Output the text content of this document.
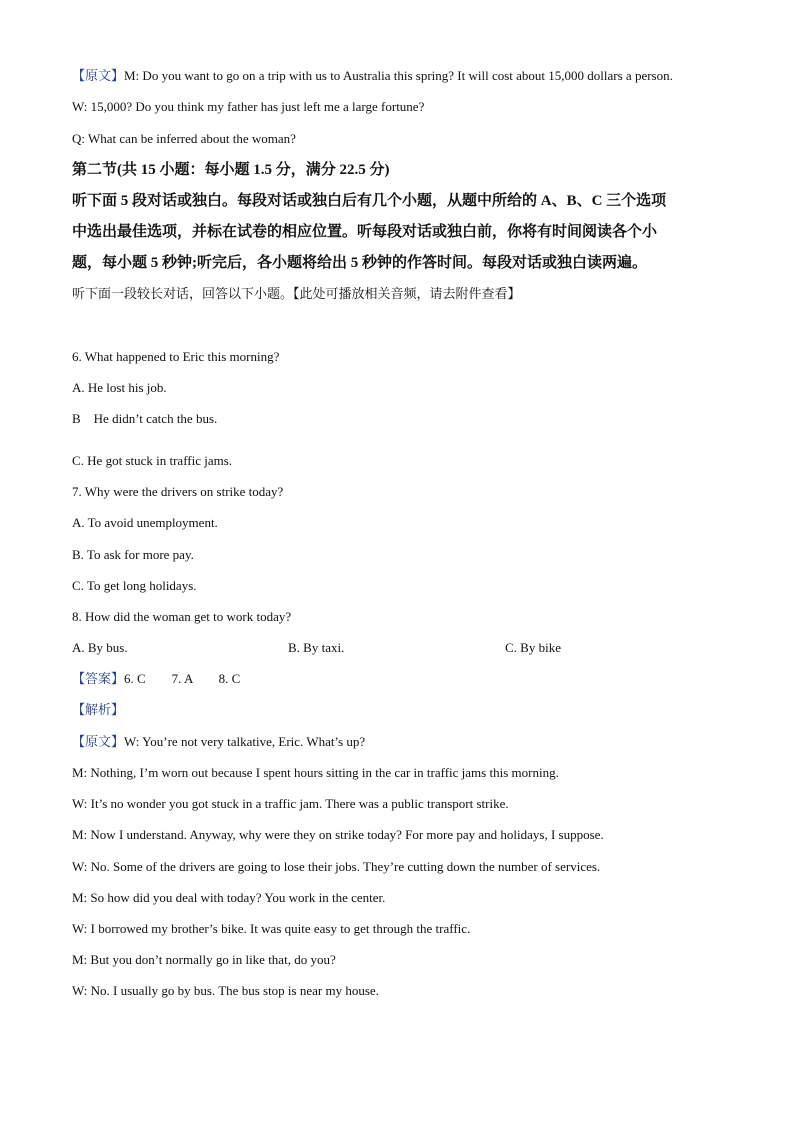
【原文】M: Do you want to go on a trip with us to Australia this spring? It will cost about 15,000 dollars a person.
W: 15,000? Do you think my father has just left me a large fortune?
Q: What can be inferred about the woman?
第二节(共 15 小题：每小题 1.5 分，满分 22.5 分)
听下面 5 段对话或独白。每段对话或独白后有几个小题，从题中所给的 A、B、C 三个选项
中选出最佳选项，并标在试卷的相应位置。听每段对话或独白前，你将有时间阅读各个小
题，每小题 5 秒钟;听完后，各小题将给出 5 秒钟的作答时间。每段对话或独白读两遍。
听下面一段较长对话，回答以下小题。【此处可播放相关音频，请去附件查看】
6. What happened to Eric this morning?
A. He lost his job.
B　He didn’t catch the bus.
C. He got stuck in traffic jams.
7. Why were the drivers on strike today?
A. To avoid unemployment.
B. To ask for more pay.
C. To get long holidays.
8. How did the woman get to work today?
A. By bus.	B. By taxi.	C. By bike
【答案】6. C　　7. A　　8. C
【解析】
【原文】W: You’re not very talkative, Eric. What’s up?
M: Nothing, I’m worn out because I spent hours sitting in the car in traffic jams this morning.
W: It’s no wonder you got stuck in a traffic jam. There was a public transport strike.
M: Now I understand. Anyway, why were they on strike today? For more pay and holidays, I suppose.
W: No. Some of the drivers are going to lose their jobs. They’re cutting down the number of services.
M: So how did you deal with today? You work in the center.
W: I borrowed my brother’s bike. It was quite easy to get through the traffic.
M: But you don’t normally go in like that, do you?
W: No. I usually go by bus. The bus stop is near my house.
